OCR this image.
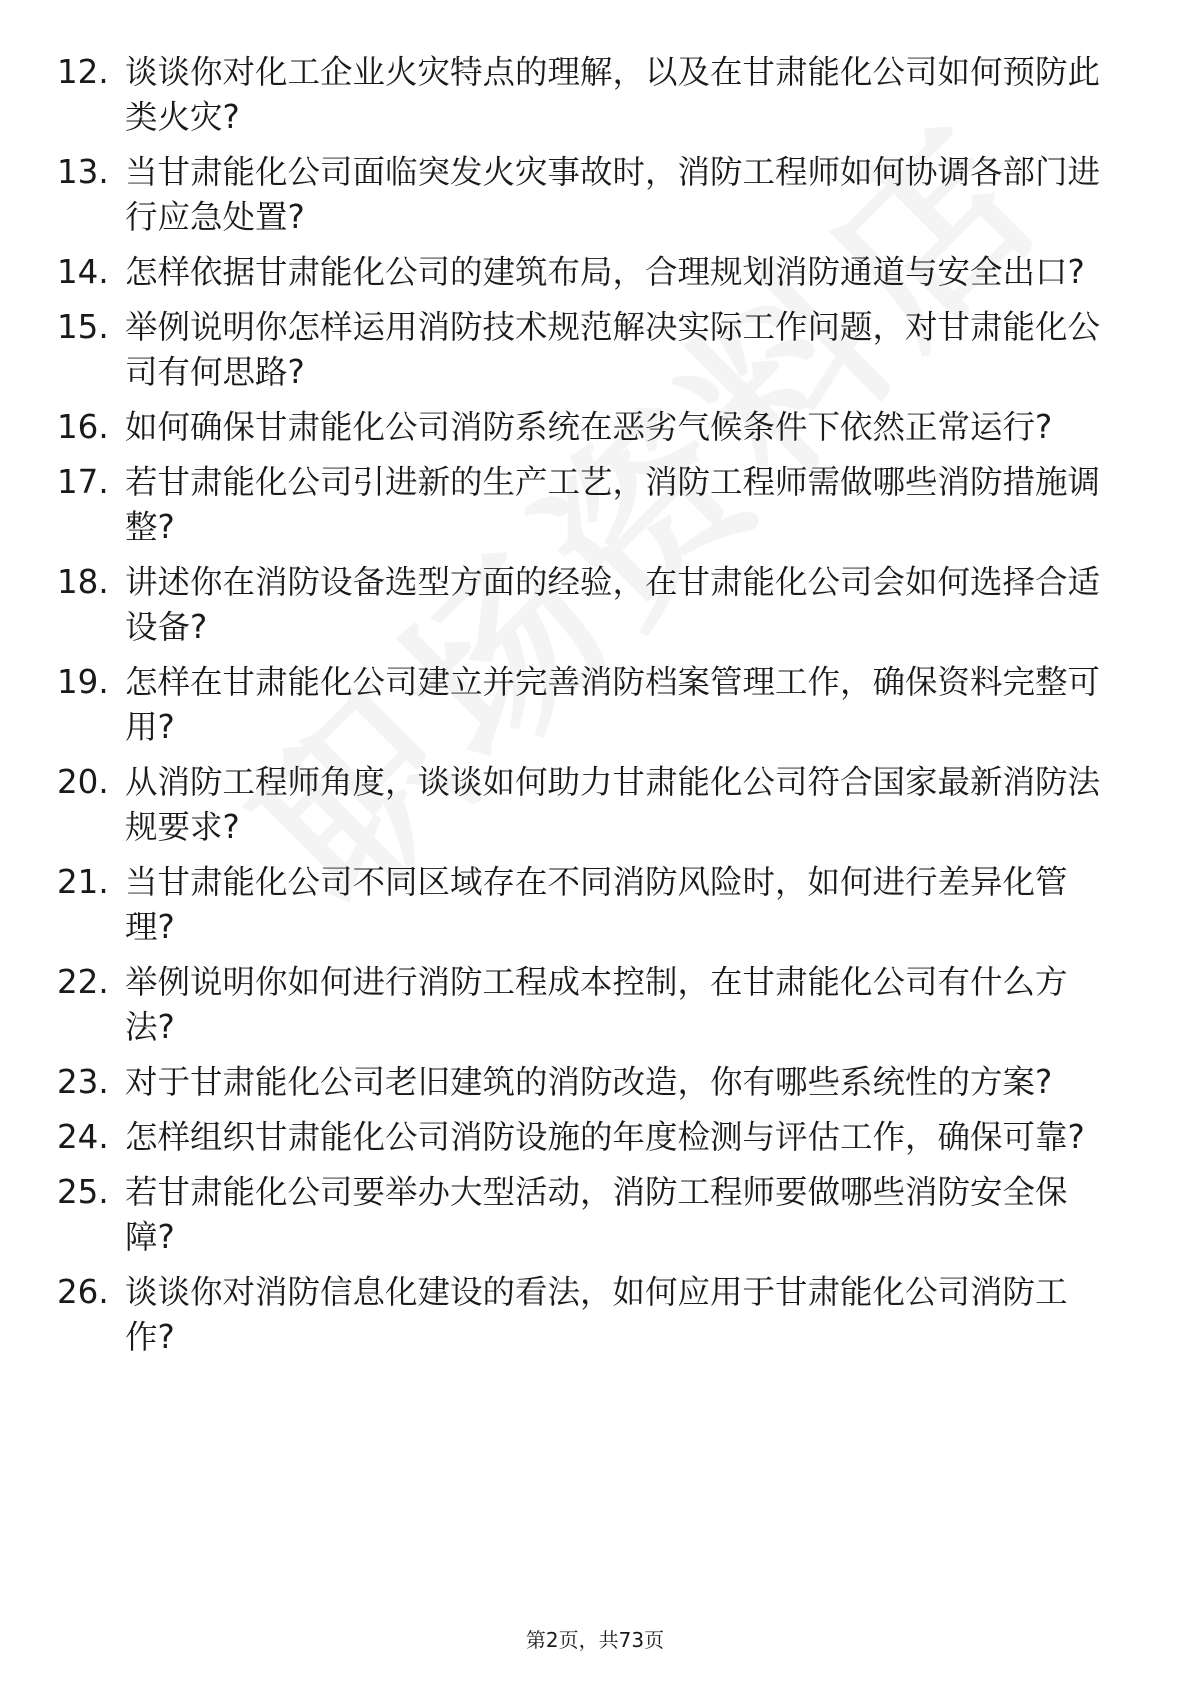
12. 谈谈你对化工企业火灾特点的理解，以及在甘肃能化公司如何预防此类火灾?
13. 当甘肃能化公司面临突发火灾事故时，消防工程师如何协调各部门进行应急处置?
14. 怎样依据甘肃能化公司的建筑布局，合理规划消防通道与安全出口?
15. 举例说明你怎样运用消防技术规范解决实际工作问题，对甘肃能化公司有何思路?
16. 如何确保甘肃能化公司消防系统在恶劣气候条件下依然正常运行?
17. 若甘肃能化公司引进新的生产工艺，消防工程师需做哪些消防措施调整?
18. 讲述你在消防设备选型方面的经验，在甘肃能化公司会如何选择合适设备?
19. 怎样在甘肃能化公司建立并完善消防档案管理工作，确保资料完整可用?
20. 从消防工程师角度，谈谈如何助力甘肃能化公司符合国家最新消防法规要求?
21. 当甘肃能化公司不同区域存在不同消防风险时，如何进行差异化管理?
22. 举例说明你如何进行消防工程成本控制，在甘肃能化公司有什么方法?
23. 对于甘肃能化公司老旧建筑的消防改造，你有哪些系统性的方案?
24. 怎样组织甘肃能化公司消防设施的年度检测与评估工作，确保可靠?
25. 若甘肃能化公司要举办大型活动，消防工程师要做哪些消防安全保障?
26. 谈谈你对消防信息化建设的看法，如何应用于甘肃能化公司消防工作?
第2页，共73页
